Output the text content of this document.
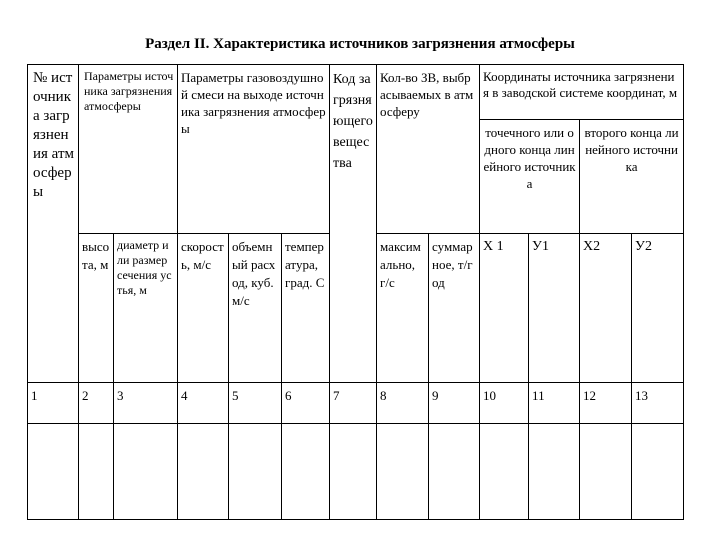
Раздел II. Характеристика источников загрязнения атмосферы
№ источника загрязнения атмосферы	Параметры источника загрязнения атмосферы		Параметры газовоздушной смеси на выходе источника загрязнения атмосферы			Код загрязняющего вещества	Кол-во ЗВ, выбрасываемых в атмосферу		Координаты источника загрязнения в заводской системе координат, м			
									точечного или одного конца линейного источника		второго конца линейного источника	
	высота, м	диаметр или размер сечения устья, м	скорость, м/с	объемный расход, куб. м/с	температура, град. С		максимально, г/с	суммарное, т/год	Х 1	У1	Х2	У2
1	2	3	4	5	6	7	8	9	10	11	12	13
